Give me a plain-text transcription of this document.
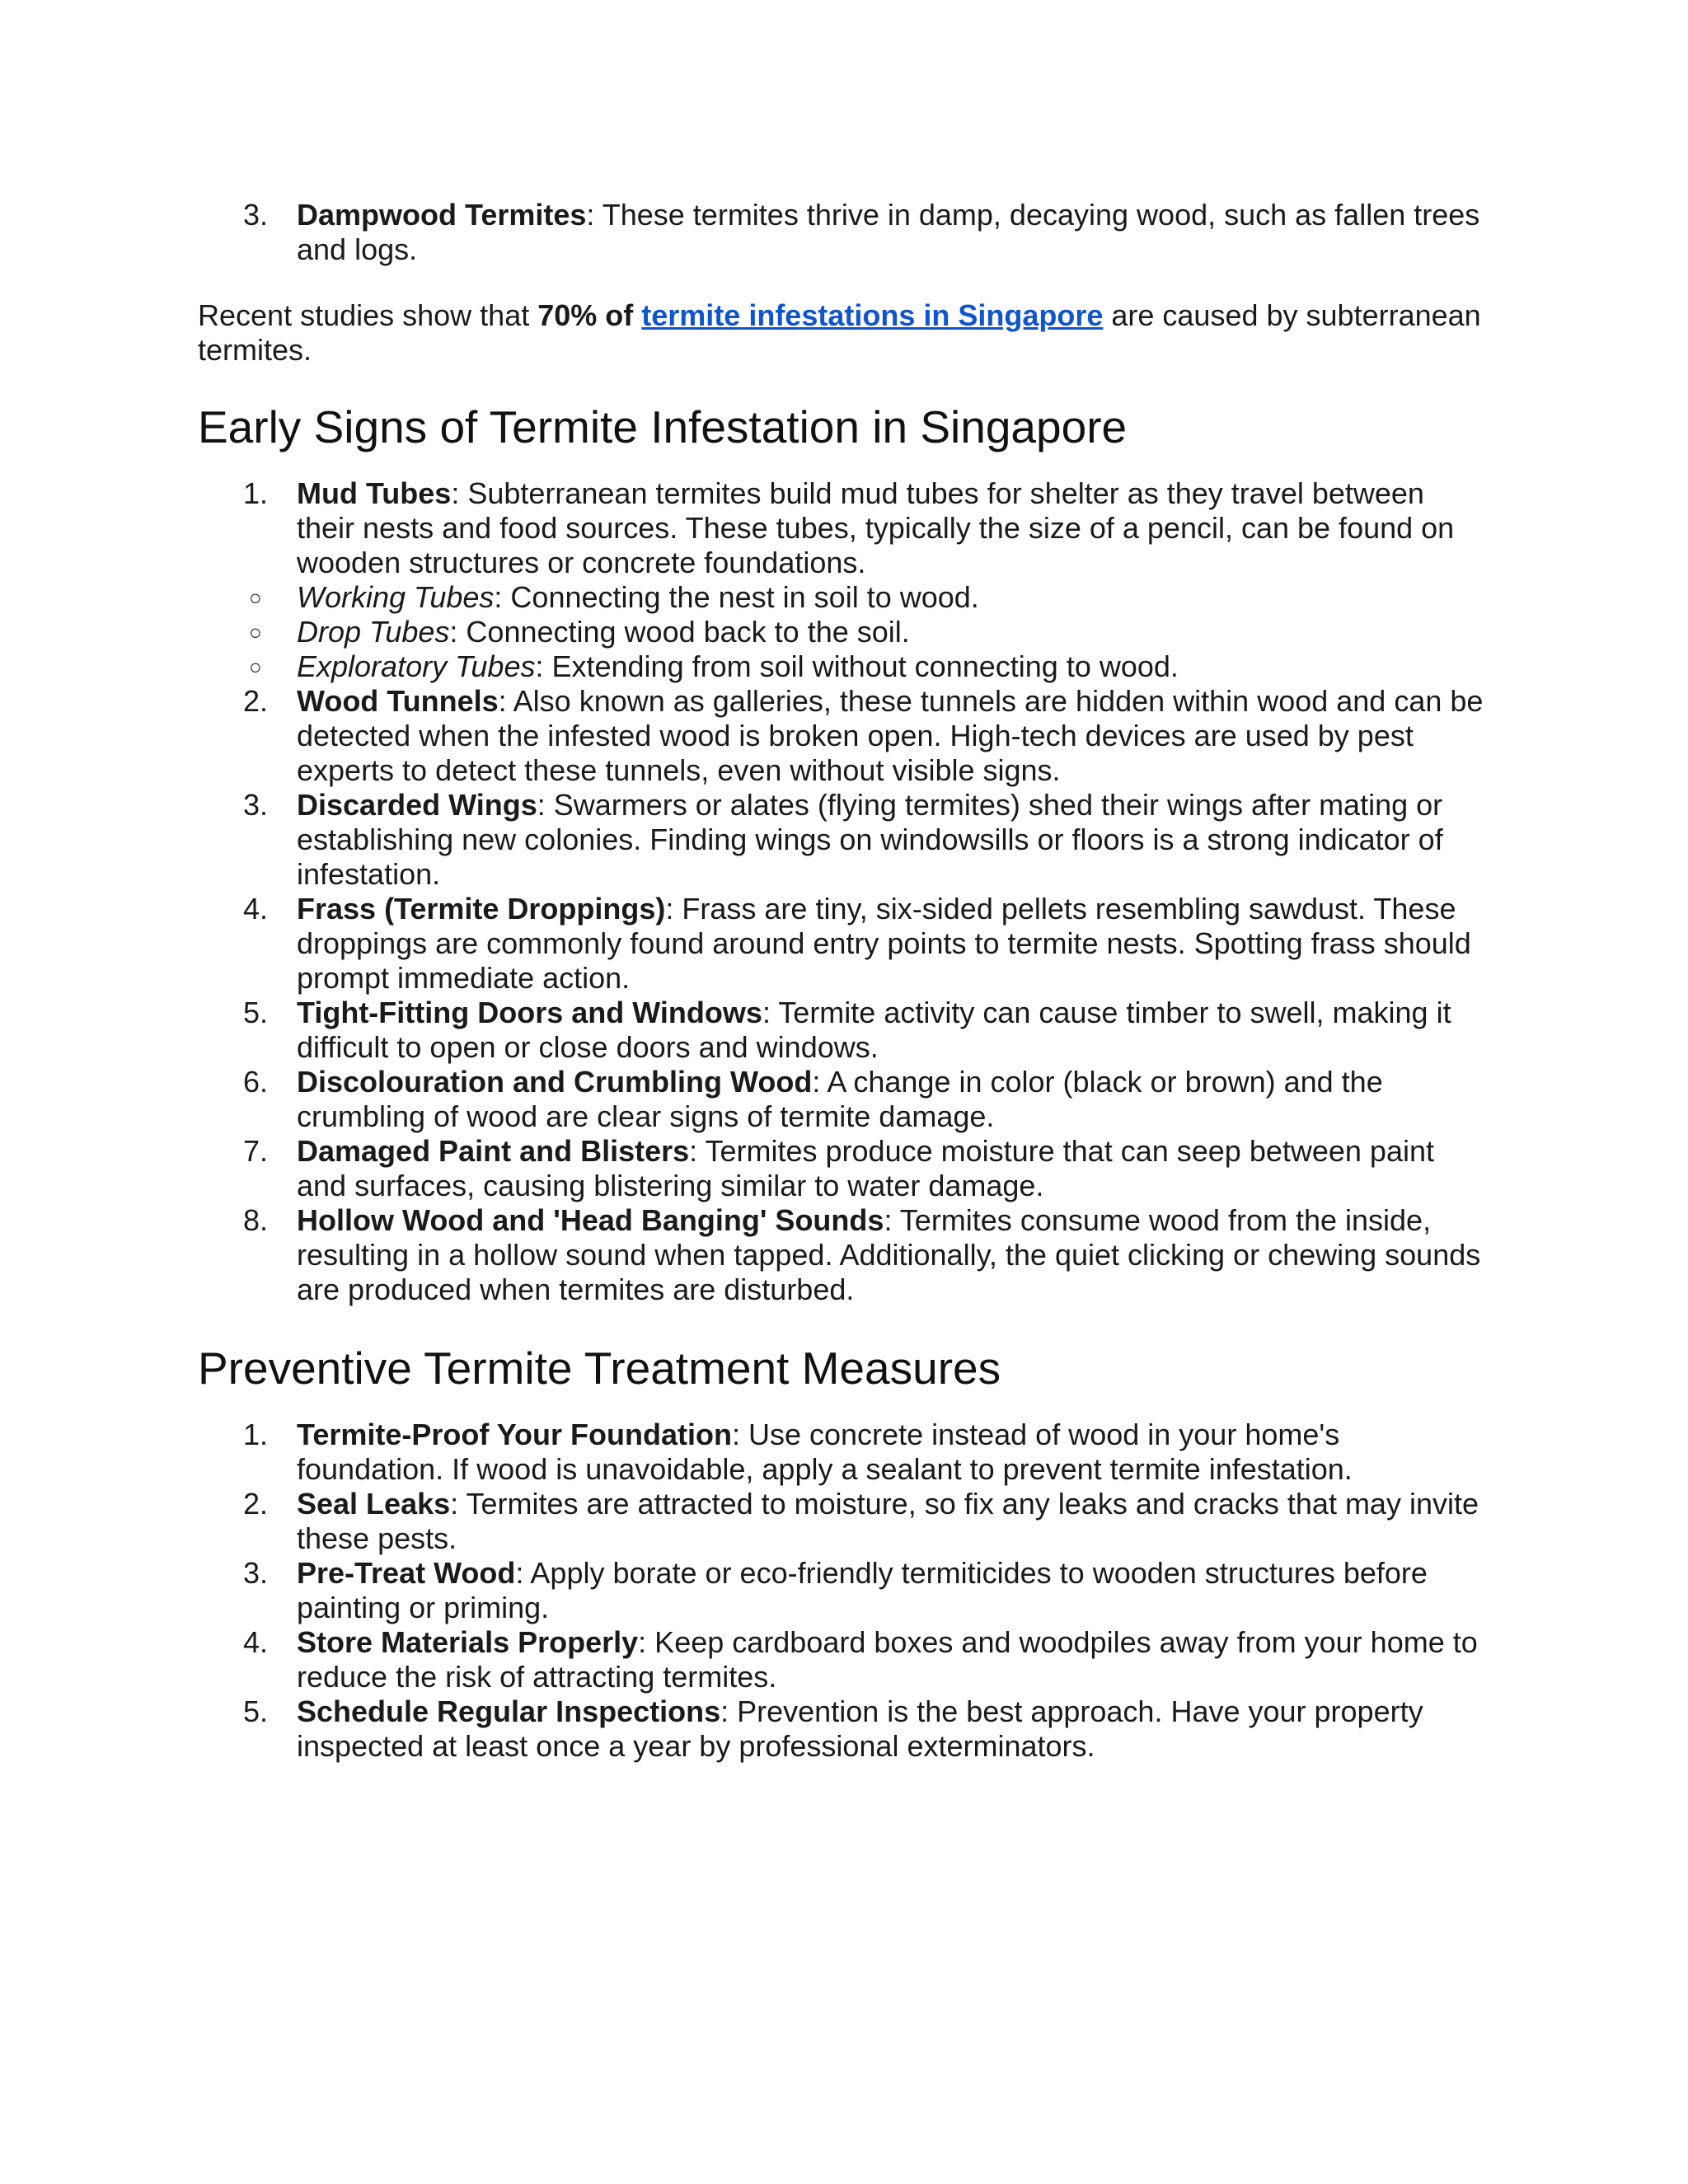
3. Dampwood Termites: These termites thrive in damp, decaying wood, such as fallen trees and logs.

Recent studies show that 70% of termite infestations in Singapore are caused by subterranean termites.

Early Signs of Termite Infestation in Singapore
1. Mud Tubes: Subterranean termites build mud tubes for shelter as they travel between their nests and food sources. These tubes, typically the size of a pencil, can be found on wooden structures or concrete foundations.
○ Working Tubes: Connecting the nest in soil to wood.
○ Drop Tubes: Connecting wood back to the soil.
○ Exploratory Tubes: Extending from soil without connecting to wood.
2. Wood Tunnels: Also known as galleries, these tunnels are hidden within wood and can be detected when the infested wood is broken open. High-tech devices are used by pest experts to detect these tunnels, even without visible signs.
3. Discarded Wings: Swarmers or alates (flying termites) shed their wings after mating or establishing new colonies. Finding wings on windowsills or floors is a strong indicator of infestation.
4. Frass (Termite Droppings): Frass are tiny, six-sided pellets resembling sawdust. These droppings are commonly found around entry points to termite nests. Spotting frass should prompt immediate action.
5. Tight-Fitting Doors and Windows: Termite activity can cause timber to swell, making it difficult to open or close doors and windows.
6. Discolouration and Crumbling Wood: A change in color (black or brown) and the crumbling of wood are clear signs of termite damage.
7. Damaged Paint and Blisters: Termites produce moisture that can seep between paint and surfaces, causing blistering similar to water damage.
8. Hollow Wood and 'Head Banging' Sounds: Termites consume wood from the inside, resulting in a hollow sound when tapped. Additionally, the quiet clicking or chewing sounds are produced when termites are disturbed.
Preventive Termite Treatment Measures
1. Termite-Proof Your Foundation: Use concrete instead of wood in your home's foundation. If wood is unavoidable, apply a sealant to prevent termite infestation.
2. Seal Leaks: Termites are attracted to moisture, so fix any leaks and cracks that may invite these pests.
3. Pre-Treat Wood: Apply borate or eco-friendly termiticides to wooden structures before painting or priming.
4. Store Materials Properly: Keep cardboard boxes and woodpiles away from your home to reduce the risk of attracting termites.
5. Schedule Regular Inspections: Prevention is the best approach. Have your property inspected at least once a year by professional exterminators.
